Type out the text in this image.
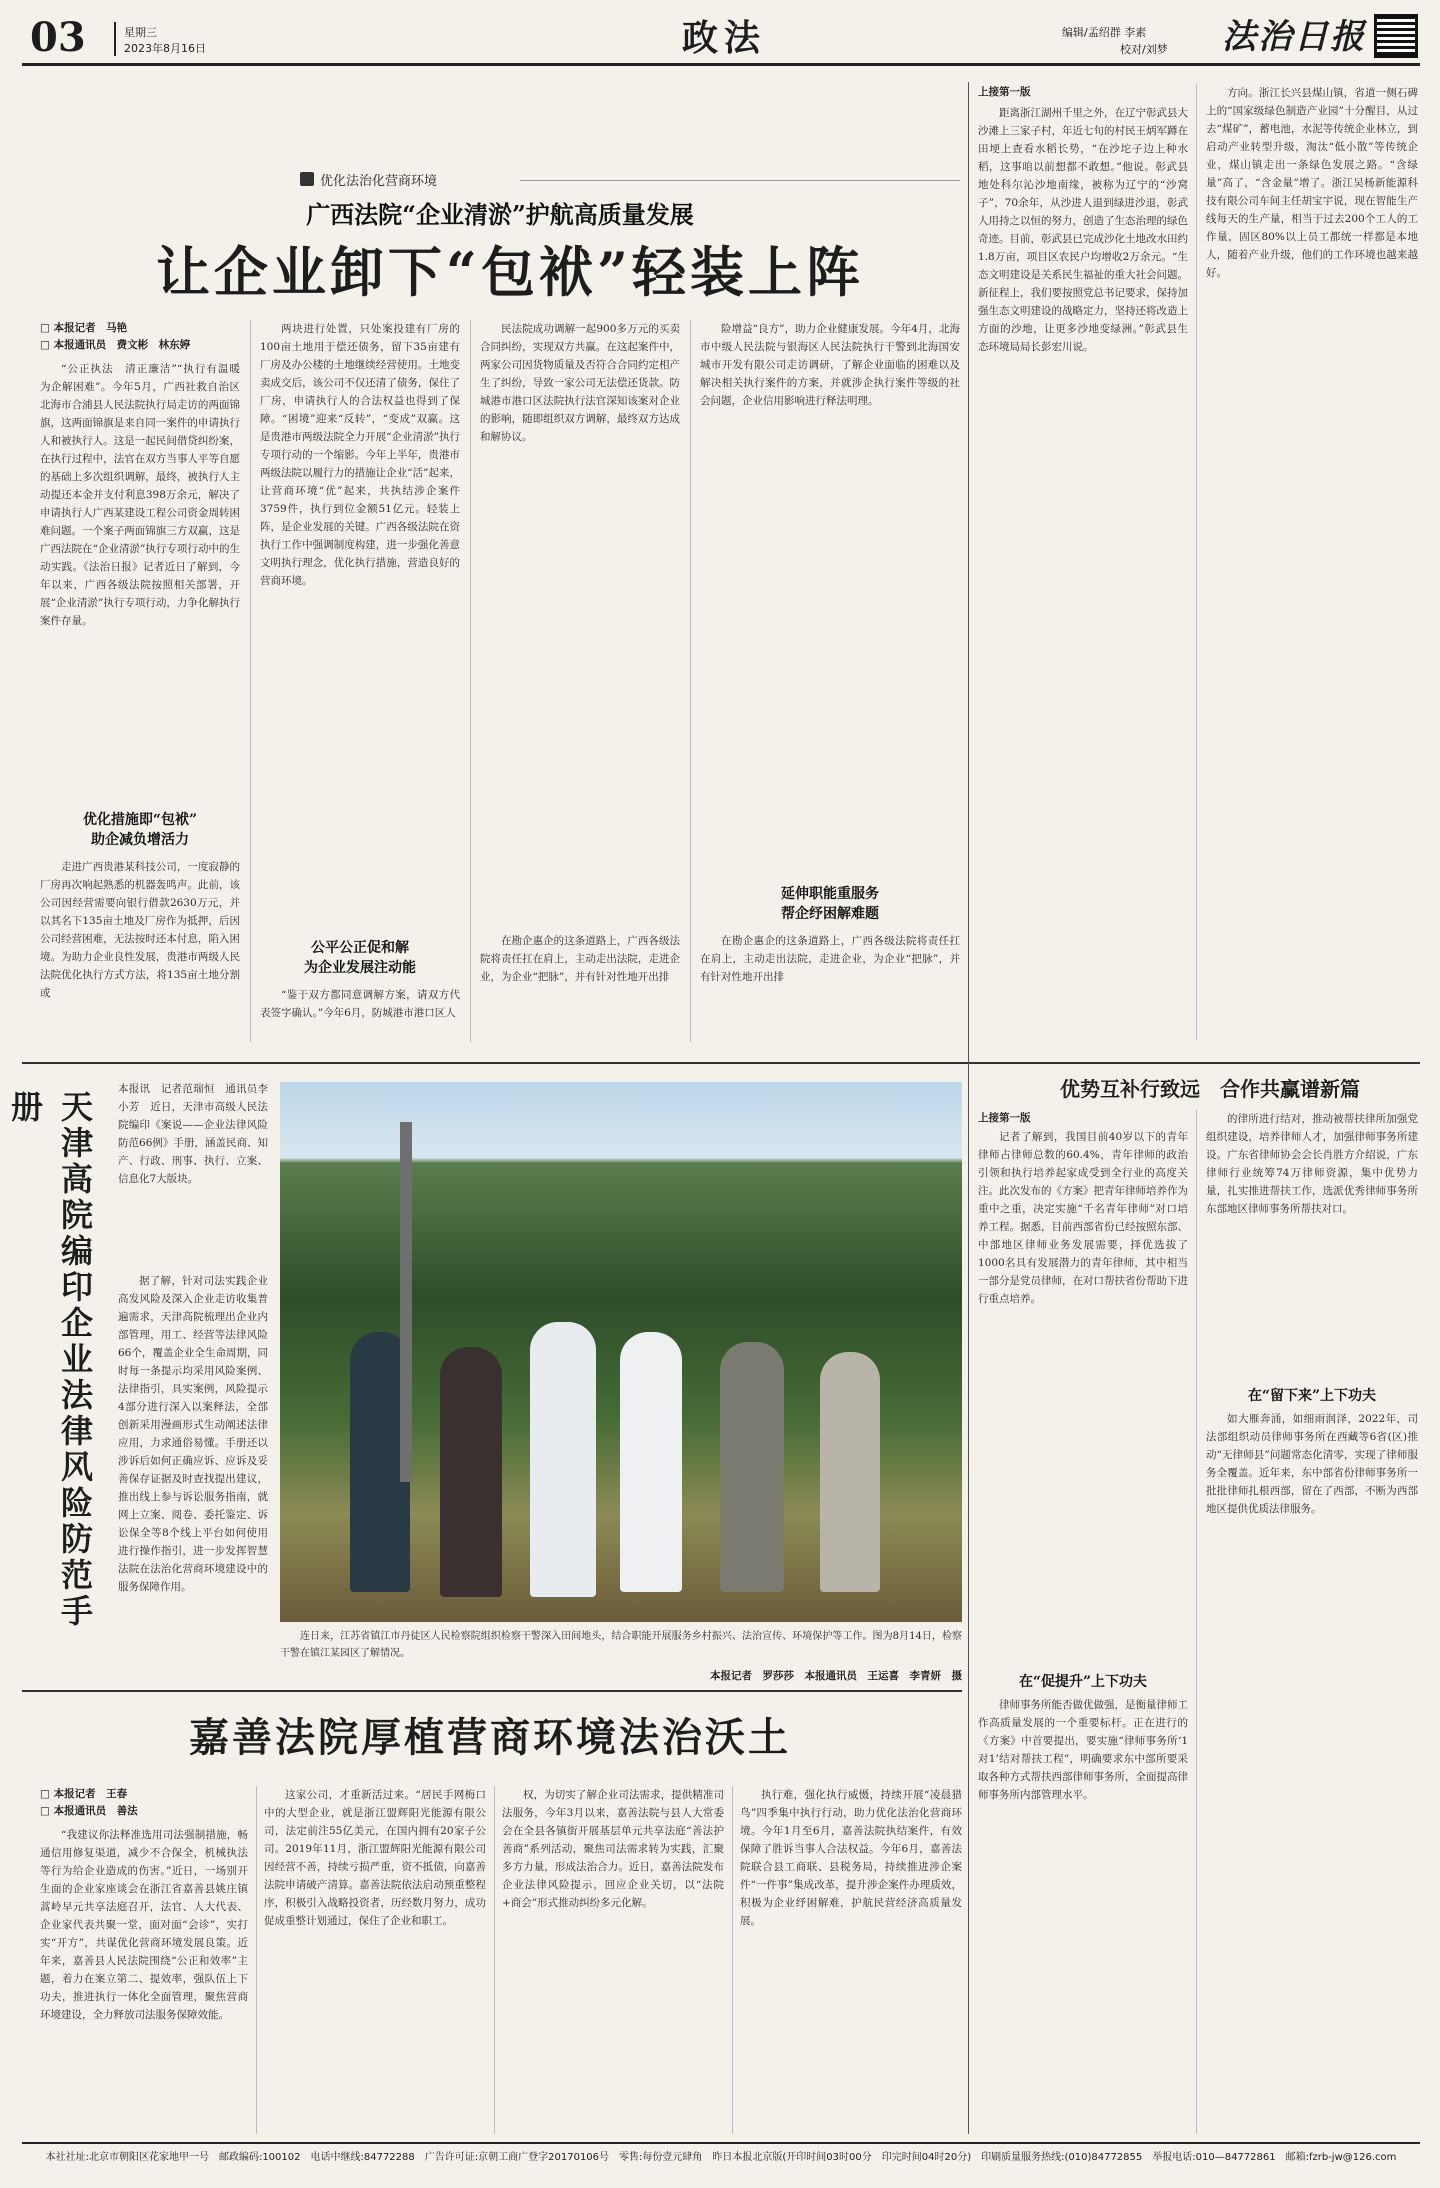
03	星期三
2023年8月16日	政法	编辑/孟绍群 李素
校对/刘梦 法治日报
优化法治化营商环境
广西法院“企业清淤”护航高质量发展
让企业卸下“包袱”轻装上阵
□ 本报记者　马艳
□ 本报通讯员　费文彬　林东婷
“公正执法　清正廉洁”“执行有温暖　为企解困难”。今年5月，广西社救自治区北海市合浦县人民法院执行局走访的两面锦旗，这两面锦旗是来自同一案件的申请执行人和被执行人。这是一起民间借贷纠纷案，在执行过程中，法官在双方当事人平等自愿的基础上多次组织调解，最终，被执行人主动提还本金并支付利息398万余元，解决了申请执行人广西某建设工程公司资金周转困难问题。一个案子两面锦旗三方双赢，这是广西法院在“企业清淤”执行专项行动中的生动实践。《法治日报》记者近日了解到，今年以来，广西各级法院按照相关部署，开展“企业清淤”执行专项行动，力争化解执行案件存量。
优化措施即“包袱”
助企减负增活力
走进广西贵港某科技公司，一度寂静的厂房再次响起熟悉的机器轰鸣声。此前，该公司因经营需要向银行借款2630万元，并以其名下135亩土地及厂房作为抵押，后因公司经营困难，无法按时还本付息，陷入困境。为助力企业良性发展，贵港市两级人民法院优化执行方式方法，将135亩土地分割或
两块进行处置，只处案投建有厂房的100亩土地用于偿还债务，留下35亩建有厂房及办公楼的土地继续经营使用。土地变卖成交后，该公司不仅还清了债务，保住了厂房，申请执行人的合法权益也得到了保障。“困境”迎来“反转”，“变成”双赢。这是贵港市两级法院全力开展“企业清淤”执行专项行动的一个缩影。今年上半年，贵港市两级法院以履行力的措施让企业“活”起来，让营商环境“优”起来，共执结涉企案件3759件，执行到位金额51亿元。轻装上阵，是企业发展的关键。广西各级法院在资执行工作中强调制度构建，进一步强化善意文明执行理念，优化执行措施，营造良好的营商环境。
公平公正促和解
为企业发展注动能
“鉴于双方都同意调解方案，请双方代表签字确认。”今年6月，防城港市港口区人
民法院成功调解一起900多万元的买卖合同纠纷，实现双方共赢。在这起案件中，两家公司因货物质量及否符合合同约定相产生了纠纷，导致一家公司无法偿还货款。防城港市港口区法院执行法官深知该案对企业的影响，随即组织双方调解，最终双方达成和解协议。
在勘企惠企的这条道路上，广西各级法院将责任扛在肩上，主动走出法院，走进企业，为企业“把脉”，并有针对性地开出排
险增益“良方”，助力企业健康发展。今年4月，北海市中级人民法院与银海区人民法院执行干警到北海国安城市开发有限公司走访调研，了解企业面临的困难以及解决相关执行案件的方案，并就涉企执行案件等级的社会问题，企业信用影响进行释法明理。
延伸职能重服务
帮企纾困解难题
在勘企惠企的这条道路上，广西各级法院将责任扛在肩上，主动走出法院，走进企业，为企业“把脉”，并有针对性地开出排
上接第一版
距离浙江湖州千里之外，在辽宁彰武县大沙滩上三家子村，年近七旬的村民王炳军蹲在田埂上查看水稻长势，“在沙坨子边上种水稻，这事咱以前想都不敢想。”他说。彰武县地处科尔沁沙地南缘，被称为辽宁的“沙窝子”，70余年，从沙进人退到绿进沙退，彰武人用持之以恒的努力，创造了生态治理的绿色奇迹。目前，彰武县已完成沙化土地改水田约1.8万亩，项目区农民户均增收2万余元。“生态文明建设是关系民生福祉的重大社会问题。新征程上，我们要按照党总书记要求，保持加强生态文明建设的战略定力，坚持还将改造上方面的沙地，让更多沙地变绿洲。”彰武县生态环境局局长彭宏川说。
方向。浙江长兴县煤山镇，省道一侧石碑上的“国家级绿色制造产业园”十分醒目，从过去“煤矿”，蓄电池，水泥等传统企业林立，到启动产业转型升级，淘汰“低小散”等传统企业，煤山镇走出一条绿色发展之路。“含绿量”高了，“含金量”增了。浙江吴杨新能源科技有限公司车间主任胡宝宇说，现在智能生产线每天的生产量，相当于过去200个工人的工作量，固区80%以上员工都统一样都是本地人，随着产业升级，他们的工作环境也越来越好。
天津高院编印企业法律风险防范手册
本报讯　记者范瑞恒　通讯员李小芳　近日，天津市高级人民法院编印《案说——企业法律风险防范66例》手册，涵盖民商、知产、行政、刑事、执行、立案、信息化7大版块。
据了解，针对司法实践企业高发风险及深入企业走访收集普遍需求，天津高院梳理出企业内部管理，用工、经营等法律风险66个，覆盖企业全生命周期，同时每一条提示均采用风险案例、法律指引，具实案例，风险提示4部分进行深入以案释法，全部创新采用漫画形式生动阐述法律应用，力求通俗易懂。手册还以涉诉后如何正确应诉、应诉及妥善保存证据及时查找提出建议，推出线上参与诉讼服务指南，就网上立案、阅卷、委托鉴定、诉讼保全等8个线上平台如何使用进行操作指引，进一步发挥智慧法院在法治化营商环境建设中的服务保障作用。
连日来，江苏省镇江市丹徒区人民检察院组织检察干警深入田间地头，结合职能开展服务乡村振兴、法治宣传、环境保护等工作。图为8月14日，检察干警在镇江某园区了解情况。
本报记者　罗莎莎　本报通讯员　王运喜　李青妍　摄
优势互补行致远　合作共赢谱新篇
上接第一版
记者了解到，我国目前40岁以下的青年律师占律师总数的60.4%，青年律师的政治引领和执行培养起家成受到全行业的高度关注。此次发布的《方案》把青年律师培养作为重中之重，决定实施“千名青年律师”对口培养工程。据悉，目前西部省份已经按照东部、中部地区律师业务发展需要，择优选拔了1000名具有发展潜力的青年律师，其中相当一部分是党员律师，在对口帮扶省份帮助下进行重点培养。
在“促提升”上下功夫
律师事务所能否做优做强，是衡量律师工作高质量发展的一个重要标杆。正在进行的《方案》中首要提出，要实施“律师事务所‘1对1’结对帮扶工程”，明确要求东中部所要采取各种方式帮扶西部律师事务所，全面提高律师事务所内部管理水平。
的律所进行结对，推动被帮扶律所加强党组织建设，培养律师人才，加强律师事务所建设。广东省律师协会会长肖胜方介绍说，广东律师行业统筹74万律师资源，集中优势力量，扎实推进帮扶工作，选派优秀律师事务所东部地区律师事务所帮扶对口。
在“留下来”上下功夫
如大雁奔涌，如细雨润泽，2022年，司法部组织动员律师事务所在西藏等6省(区)推动“无律师县”问题常态化清零，实现了律师服务全覆盖。近年来，东中部省份律师事务所一批批律师扎根西部，留在了西部，不断为西部地区提供优质法律服务。
嘉善法院厚植营商环境法治沃土
□ 本报记者　王春
□ 本报通讯员　善法
“我建议你法释准选用司法强制措施，畅通信用修复渠道，减少不合保全，机械执法等行为给企业造成的伤害。”近日，一场别开生面的企业家座谈会在浙江省嘉善县姚庄镇蒿岭早元共享法庭召开，法官、人大代表、企业家代表共聚一堂，面对面“会诊”，实打实“开方”，共谋优化营商环境发展良策。近年来，嘉善县人民法院围绕“公正和效率”主题，着力在案立第二、提效率，强队伍上下功夫，推进执行一体化全面管理，聚焦营商环境建设，全力释放司法服务保障效能。
这家公司，才重新活过来。“居民手网梅口中的大型企业，就是浙江盟辉阳光能源有限公司，法定前注55亿美元，在国内拥有20家子公司。2019年11月，浙江盟辉阳光能源有限公司因经营不善，持续亏损严重，资不抵债，向嘉善法院申请破产清算。嘉善法院依法启动预重整程序，积极引入战略投资者，历经数月努力，成功促成重整计划通过，保住了企业和职工。
权，为切实了解企业司法需求，提供精准司法服务，今年3月以来，嘉善法院与县人大常委会在全县各镇街开展基层单元共享法庭“善法护善商”系列活动，聚焦司法需求转为实践，汇聚多方力量，形成法治合力。近日，嘉善法院发布企业法律风险提示，回应企业关切，以“法院+商会”形式推动纠纷多元化解。
执行难，强化执行威慑，持续开展“凌晨猎鸟”四季集中执行行动，助力优化法治化营商环境。今年1月至6月，嘉善法院执结案件，有效保障了胜诉当事人合法权益。今年6月，嘉善法院联合县工商联、县税务局，持续推进涉企案件“一件事”集成改革，提升涉企案件办理质效，积极为企业纾困解难，护航民营经济高质量发展。
本社社址:北京市朝阳区花家地甲一号　邮政编码:100102　电话中继线:84772288　广告许可证:京朝工商广登字20170106号　零售:每份壹元肆角　昨日本报北京版(开印时间03时00分　印完时间04时20分)　印刷质量服务热线:(010)84772855　举报电话:010—84772861　邮箱:fzrb-jw@126.com
